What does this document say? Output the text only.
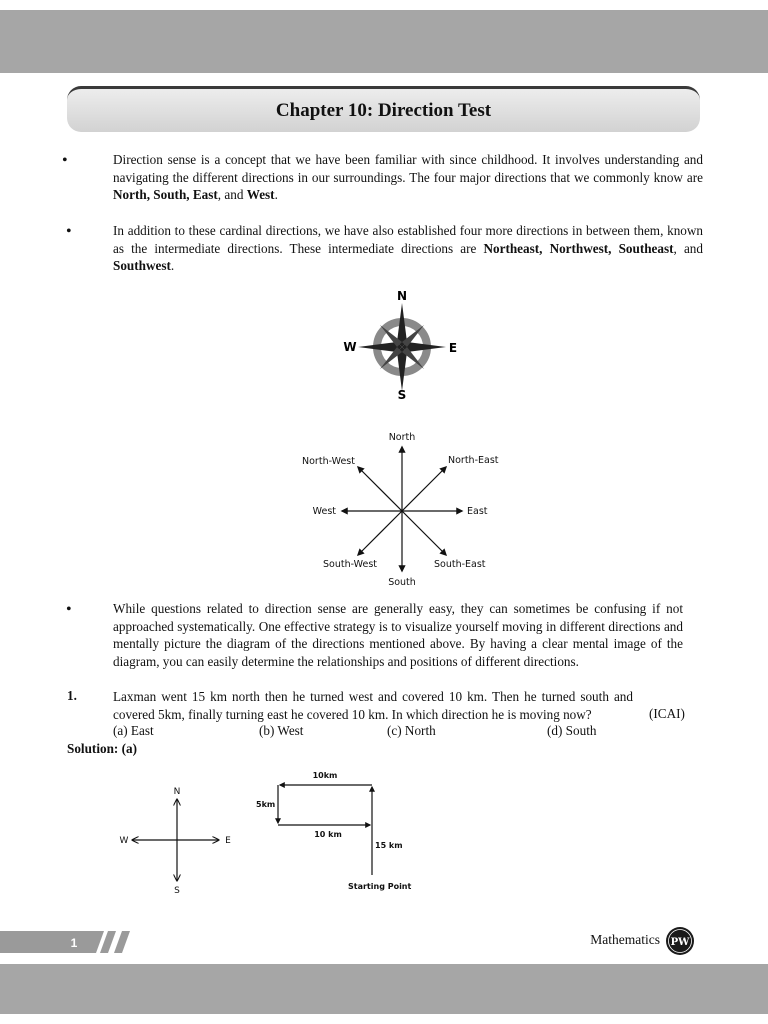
Chapter 10: Direction Test
•	Direction sense is a concept that we have been familiar with since childhood. It involves understanding and navigating the different directions in our surroundings. The four major directions that we commonly know are North, South, East, and West.
•	In addition to these cardinal directions, we have also established four more directions in between them, known as the intermediate directions. These intermediate directions are Northeast, Northwest, Southeast, and Southwest.
N
S
W	E
North
South
West	East
North-East
North-West
South-East
South-West
•	While questions related to direction sense are generally easy, they can sometimes be confusing if not approached systematically. One effective strategy is to visualize yourself moving in different directions and mentally picture the diagram of the directions mentioned above. By having a clear mental image of the diagram, you can easily determine the relationships and positions of different directions.
1.	Laxman went 15 km north then he turned west and covered 10 km. Then he turned south and covered 5km, finally turning east he covered 10 km. In which direction he is moving now?	(ICAI)
(a) East	(b) West	(c) North	(d) South
Solution: (a)
N
S
W	E
10km
5km
10 km
15 km
Starting Point
1	Mathematics PW
